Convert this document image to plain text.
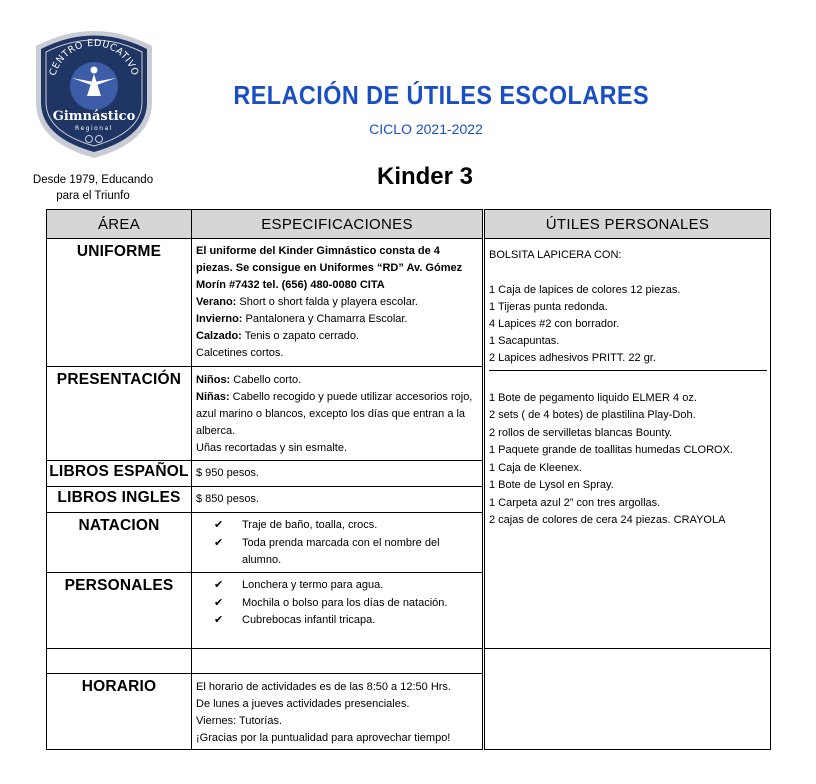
CENTRO EDUCATIVO
Gimnástico
Regional
Desde 1979, Educando
para el Triunfo
RELACIÓN DE ÚTILES ESCOLARES
CICLO 2021-2022
Kinder 3
ÁREA	ESPECIFICACIONES	ÚTILES PERSONALES
UNIFORME	El uniforme del Kinder Gimnástico consta de 4 piezas. Se consigue en Uniformes “RD” Av. Gómez Morín #7432 tel. (656) 480-0080 CITA
Verano: Short o short falda y playera escolar.
Invierno: Pantalonera y Chamarra Escolar.
Calzado: Tenis o zapato cerrado.
Calcetines cortos.
PRESENTACIÓN	Niños: Cabello corto.
Niñas: Cabello recogido y puede utilizar accesorios rojo, azul marino o blancos, excepto los días que entran a la alberca.
Uñas recortadas y sin esmalte.
LIBROS ESPAÑOL $ 950 pesos.
LIBROS INGLES	$ 850 pesos.
NATACION	✔ Traje de baño, toalla, crocs.
✔ Toda prenda marcada con el nombre del alumno.
PERSONALES	✔ Lonchera y termo para agua.
✔ Mochila o bolso para los días de natación.
✔ Cubrebocas infantil tricapa.
HORARIO	El horario de actividades es de las 8:50 a 12:50 Hrs.
De lunes a jueves actividades presenciales.
Viernes: Tutorías.
¡Gracias por la puntualidad para aprovechar tiempo!
BOLSITA LAPICERA CON:
1 Caja de lapices de colores 12 piezas.
1 Tijeras punta redonda.
4 Lapices #2 con borrador.
1 Sacapuntas.
2 Lapices adhesivos PRITT. 22 gr.
1 Bote de pegamento liquido ELMER 4 oz.
2 sets ( de 4 botes) de plastilina Play-Doh.
2 rollos de servilletas blancas Bounty.
1 Paquete grande de toallitas humedas CLOROX.
1 Caja de Kleenex.
1 Bote de Lysol en Spray.
1 Carpeta azul 2” con tres argollas.
2 cajas de colores de cera 24 piezas. CRAYOLA
